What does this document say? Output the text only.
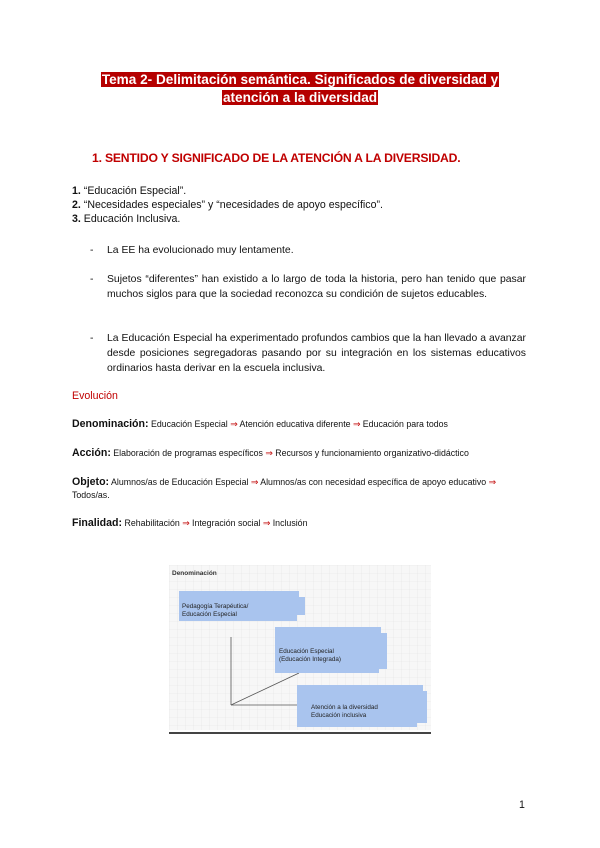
Tema 2- Delimitación semántica. Significados de diversidad y
atención a la diversidad
1. SENTIDO Y SIGNIFICADO DE LA ATENCIÓN A LA DIVERSIDAD.
1. “Educación Especial”.
2. “Necesidades especiales” y “necesidades de apoyo específico”.
3. Educación Inclusiva.
- La EE ha evolucionado muy lentamente.
- Sujetos “diferentes” han existido a lo largo de toda la historia, pero han tenido que pasar muchos siglos para que la sociedad reconozca su condición de sujetos educables.
- La Educación Especial ha experimentado profundos cambios que la han llevado a avanzar desde posiciones segregadoras pasando por su integración en los sistemas educativos ordinarios hasta derivar en la escuela inclusiva.
Evolución
Denominación: Educación Especial ⇒ Atención educativa diferente ⇒ Educación para todos
Acción: Elaboración de programas específicos ⇒ Recursos y funcionamiento organizativo-didáctico
Objeto: Alumnos/as de Educación Especial ⇒ Alumnos/as con necesidad específica de apoyo educativo ⇒ Todos/as.
Finalidad: Rehabilitación ⇒ Integración social ⇒ Inclusión
Denominación
Pedagogía Terapéutica/
Educación Especial
Educación Especial
(Educación Integrada)
Atención a la diversidad
Educación inclusiva
1
